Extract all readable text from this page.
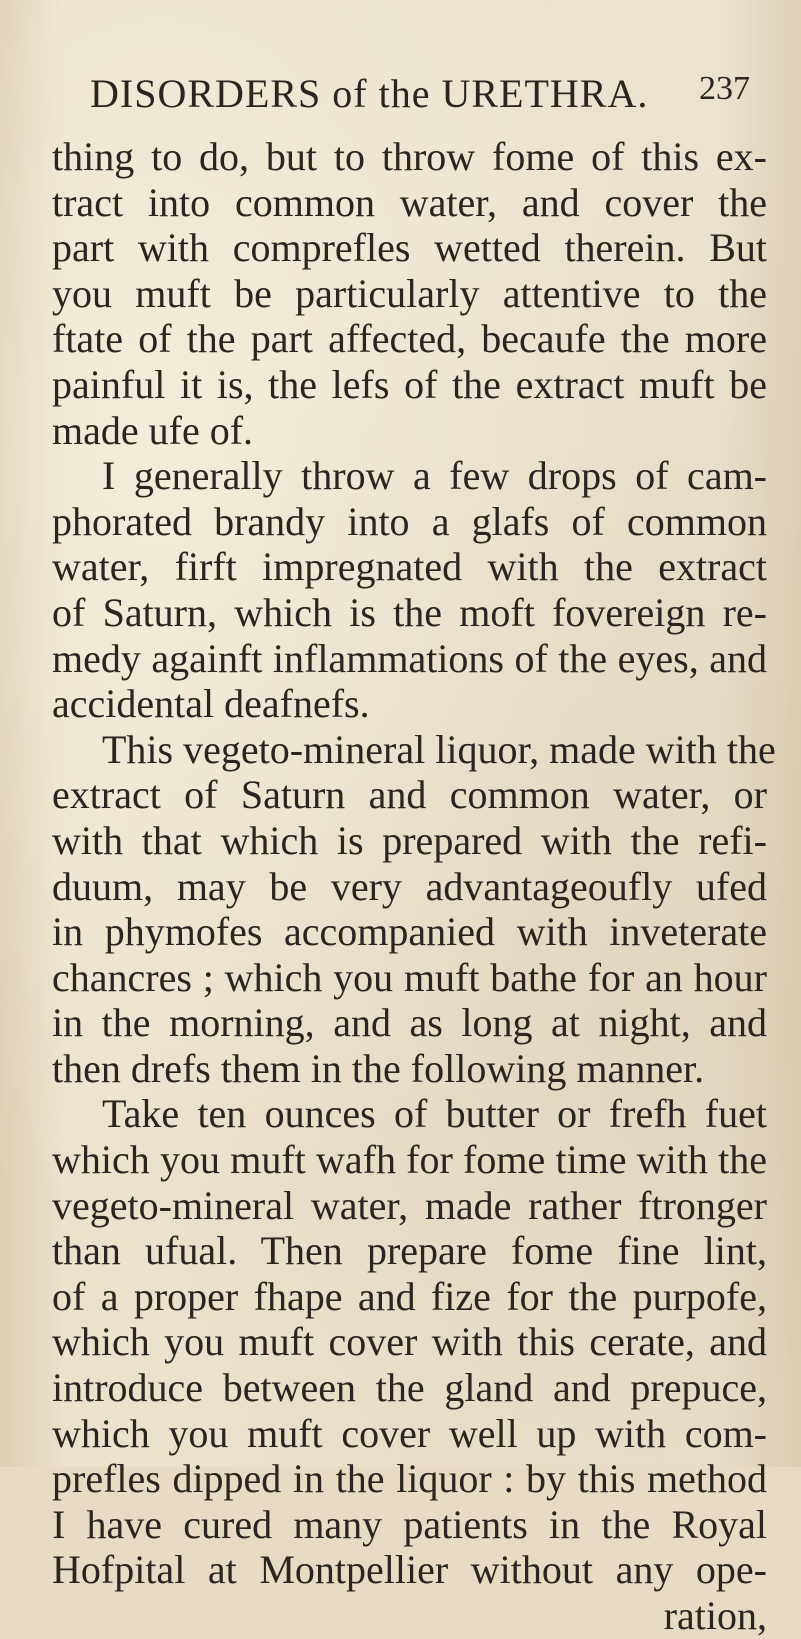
DISORDERS of the URETHRA. 237
thing to do, but to throw fome of this ex-
tract into common water, and cover the
part with comprefles wetted therein. But
you muft be particularly attentive to the
ftate of the part affected, becaufe the more
painful it is, the lefs of the extract muft be
made ufe of.
I generally throw a few drops of cam-
phorated brandy into a glafs of common
water, firft impregnated with the extract
of Saturn, which is the moft fovereign re-
medy againft inflammations of the eyes, and
accidental deafnefs.
This vegeto-mineral liquor, made with the
extract of Saturn and common water, or
with that which is prepared with the refi-
duum, may be very advantageoufly ufed
in phymofes accompanied with inveterate
chancres ; which you muft bathe for an hour
in the morning, and as long at night, and
then drefs them in the following manner.
Take ten ounces of butter or frefh fuet
which you muft wafh for fome time with the
vegeto-mineral water, made rather ftronger
than ufual. Then prepare fome fine lint,
of a proper fhape and fize for the purpofe,
which you muft cover with this cerate, and
introduce between the gland and prepuce,
which you muft cover well up with com-
prefles dipped in the liquor : by this method
I have cured many patients in the Royal
Hofpital at Montpellier without any ope-
ration,
